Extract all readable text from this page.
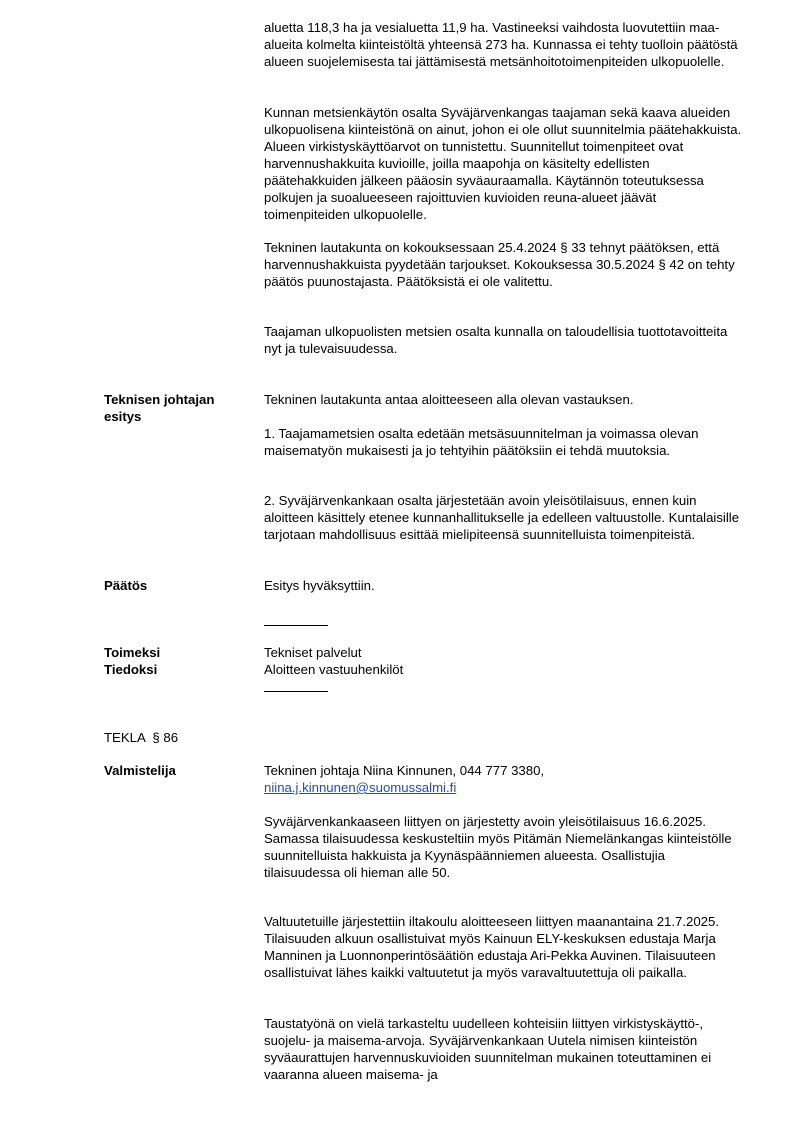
aluetta 118,3 ha ja vesialuetta 11,9 ha. Vastineeksi vaihdosta luovutettiin maa-alueita kolmelta kiinteistöltä yhteensä 273 ha. Kunnassa ei tehty tuolloin päätöstä alueen suojelemisesta tai jättämisestä metsänhoitotoimenpiteiden ulkopuolelle.

Kunnan metsienkäytön osalta Syväjärvenkangas taajaman sekä kaava alueiden ulkopuolisena kiinteistönä on ainut, johon ei ole ollut suunnitelmia päätehakkuista. Alueen virkistyskäyttöarvot on tunnistettu. Suunnitellut toimenpiteet ovat harvennushakkuita kuvioille, joilla maapohja on käsitelty edellisten päätehakkuiden jälkeen pääosin syväauraamalla. Käytännön toteutuksessa polkujen ja suoalueeseen rajoittuvien kuvioiden reuna-alueet jäävät toimenpiteiden ulkopuolelle.

Tekninen lautakunta on kokouksessaan 25.4.2024 § 33 tehnyt päätöksen, että harvennushakkuista pyydetään tarjoukset. Kokouksessa 30.5.2024 § 42 on tehty päätös puunostajasta. Päätöksistä ei ole valitettu.

Taajaman ulkopuolisten metsien osalta kunnalla on taloudellisia tuottotavoitteita nyt ja tulevaisuudessa.

Teknisen johtajan esitys

Tekninen lautakunta antaa aloitteeseen alla olevan vastauksen.

1. Taajamametsien osalta edetään metsäsuunnitelman ja voimassa olevan maisematyön mukaisesti ja jo tehtyihin päätöksiin ei tehdä muutoksia.

2. Syväjärvenkankaan osalta järjestetään avoin yleisötilaisuus, ennen kuin aloitteen käsittely etenee kunnanhallitukselle ja edelleen valtuustolle. Kuntalaisille tarjotaan mahdollisuus esittää mielipiteensä suunnitelluista toimenpiteistä.

Päätös	Esitys hyväksyttiin.
Toimeksi
Tiedoksi
Tekniset palvelut
Aloitteen vastuuhenkilöt
TEKLA  § 86
Valmistelija	Tekninen johtaja Niina Kinnunen, 044 777 3380,
niina.j.kinnunen@suomussalmi.fi

Syväjärvenkankaaseen liittyen on järjestetty avoin yleisötilaisuus 16.6.2025. Samassa tilaisuudessa keskusteltiin myös Pitämän Niemelänkangas kiinteistölle suunnitelluista hakkuista ja Kyynäspäänniemen alueesta. Osallistujia tilaisuudessa oli hieman alle 50.

Valtuutetuille järjestettiin iltakoulu aloitteeseen liittyen maanantaina 21.7.2025. Tilaisuuden alkuun osallistuivat myös Kainuun ELY-keskuksen edustaja Marja Manninen ja Luonnonperintösäätiön edustaja Ari-Pekka Auvinen. Tilaisuuteen osallistuivat lähes kaikki valtuutetut ja myös varavaltuutettuja oli paikalla.

Taustatyönä on vielä tarkasteltu uudelleen kohteisiin liittyen virkistyskäyttö-, suojelu- ja maisema-arvoja. Syväjärvenkankaan Uutela nimisen kiinteistön syväaurattujen harvennuskuvioiden suunnitelman mukainen toteuttaminen ei vaaranna alueen maisema- ja
